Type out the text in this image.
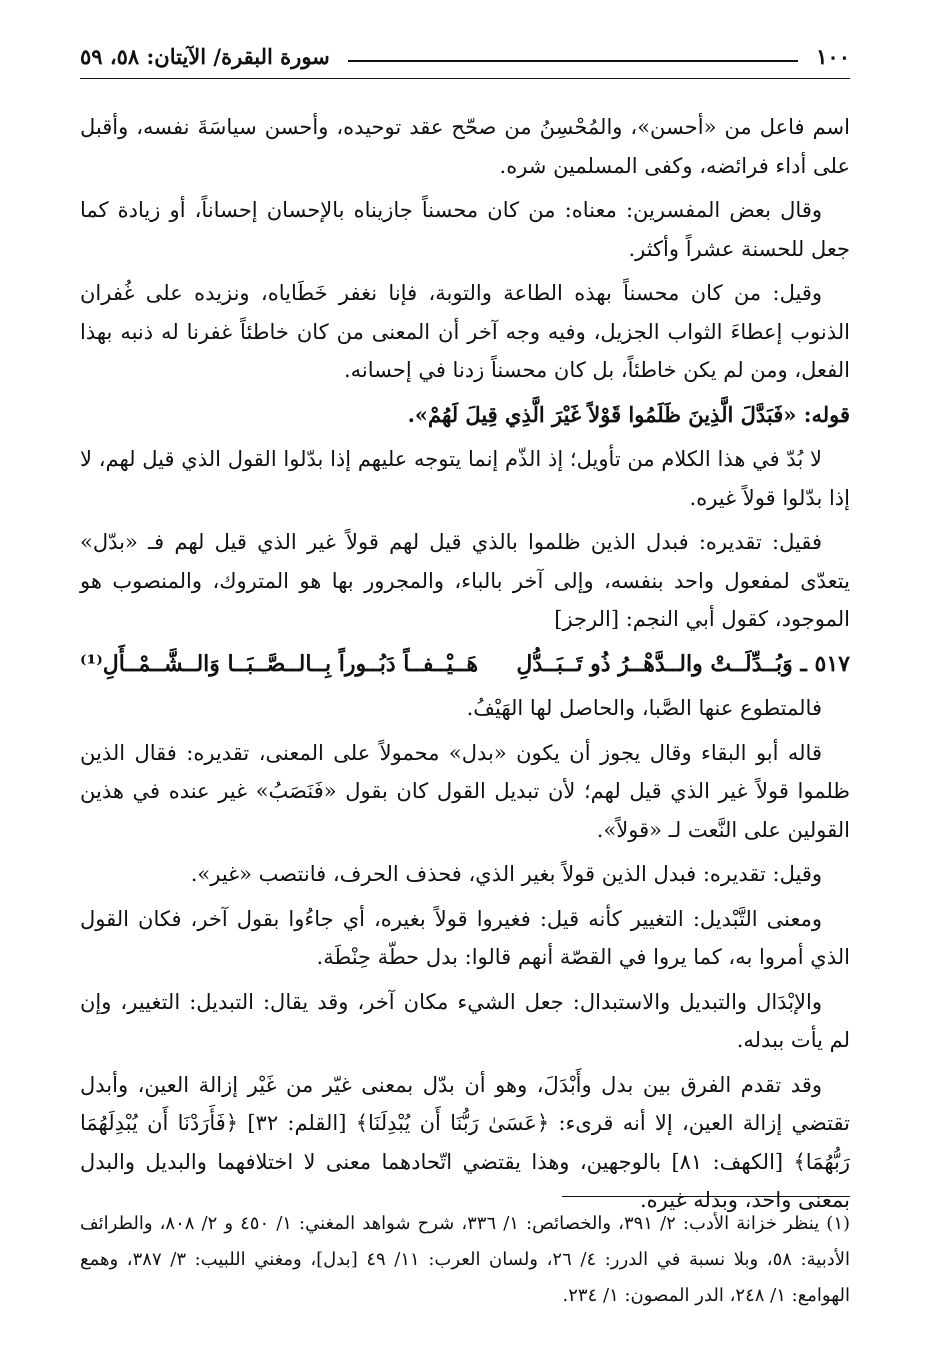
١٠٠
سورة البقرة/ الآيتان: ٥٨، ٥٩

اسم فاعل من «أحسن»، والمُحْسِنُ من صحّح عقد توحيده، وأحسن سياسَةَ نفسه، وأقبل على أداء فرائضه، وكفى المسلمين شره.

وقال بعض المفسرين: معناه: من كان محسناً جازيناه بالإحسان إحساناً، أو زيادة كما جعل للحسنة عشراً وأكثر.

وقيل: من كان محسناً بهذه الطاعة والتوبة، فإنا نغفر خَطَاياه، ونزيده على غُفران الذنوب إعطاءَ الثواب الجزيل، وفيه وجه آخر أن المعنى من كان خاطئاً غفرنا له ذنبه بهذا الفعل، ومن لم يكن خاطئاً، بل كان محسناً زدنا في إحسانه.

قوله: «فَبَدَّلَ الَّذِينَ ظَلَمُوا قَوْلاً غَيْرَ الَّذِي قِيلَ لَهُمْ».

لا بُدّ في هذا الكلام من تأويل؛ إذ الذّم إنما يتوجه عليهم إذا بدّلوا القول الذي قيل لهم، لا إذا بدّلوا قولاً غيره.

فقيل: تقديره: فبدل الذين ظلموا بالذي قيل لهم قولاً غير الذي قيل لهم فـ «بدّل» يتعدّى لمفعول واحد بنفسه، وإلى آخر بالباء، والمجرور بها هو المتروك، والمنصوب هو الموجود، كقول أبي النجم: [الرجز]

٥١٧ ـ وَبُــدِّلَــتْ والــدَّهْــرُ ذُو تَــبَــدُّلِ
هَــيْــفــاً دَبُــوراً بِــالــصَّــبَــا وَالــشَّــمْــأَلِ⁽¹⁾

فالمتطوع عنها الصَّبا، والحاصل لها الهَيْفُ.

قاله أبو البقاء وقال يجوز أن يكون «بدل» محمولاً على المعنى، تقديره: فقال الذين ظلموا قولاً غير الذي قيل لهم؛ لأن تبديل القول كان بقول «فَنَصَبُ» غير عنده في هذين القولين على النَّعت لـ «قولاً».

وقيل: تقديره: فبدل الذين قولاً بغير الذي، فحذف الحرف، فانتصب «غير».

ومعنى التَّبْديل: التغيير كأنه قيل: فغيروا قولاً بغيره، أي جاءُوا بقول آخر، فكان القول الذي أمروا به، كما يروا في القصّة أنهم قالوا: بدل حطّة حِنْطَة.

والإبْدَال والتبديل والاستبدال: جعل الشيء مكان آخر، وقد يقال: التبديل: التغيير، وإن لم يأت ببدله.

وقد تقدم الفرق بين بدل وأَبْدَلَ، وهو أن بدّل بمعنى غيّر من غَيْر إزالة العين، وأبدل تقتضي إزالة العين، إلا أنه قرىء: ﴿عَسَىٰ رَبُّنَا أَن يُبْدِلَنَا﴾ [القلم: ٣٢] ﴿فَأَرَدْنَا أَن يُبْدِلَهُمَا رَبُّهُمَا﴾ [الكهف: ٨١] بالوجهين، وهذا يقتضي اتّحادهما معنى لا اختلافهما والبديل والبدل بمعنى واحد، وبدله غيره.

(١) ينظر خزانة الأدب: ٢/ ٣٩١، والخصائص: ١/ ٣٣٦، شرح شواهد المغني: ١/ ٤٥٠ و ٢/ ٨٠٨، والطرائف الأدبية: ٥٨، وبلا نسبة في الدرر: ٤/ ٢٦، ولسان العرب: ١١/ ٤٩ [بدل]، ومغني اللبيب: ٣/ ٣٨٧، وهمع الهوامع: ١/ ٢٤٨، الدر المصون: ١/ ٢٣٤.
